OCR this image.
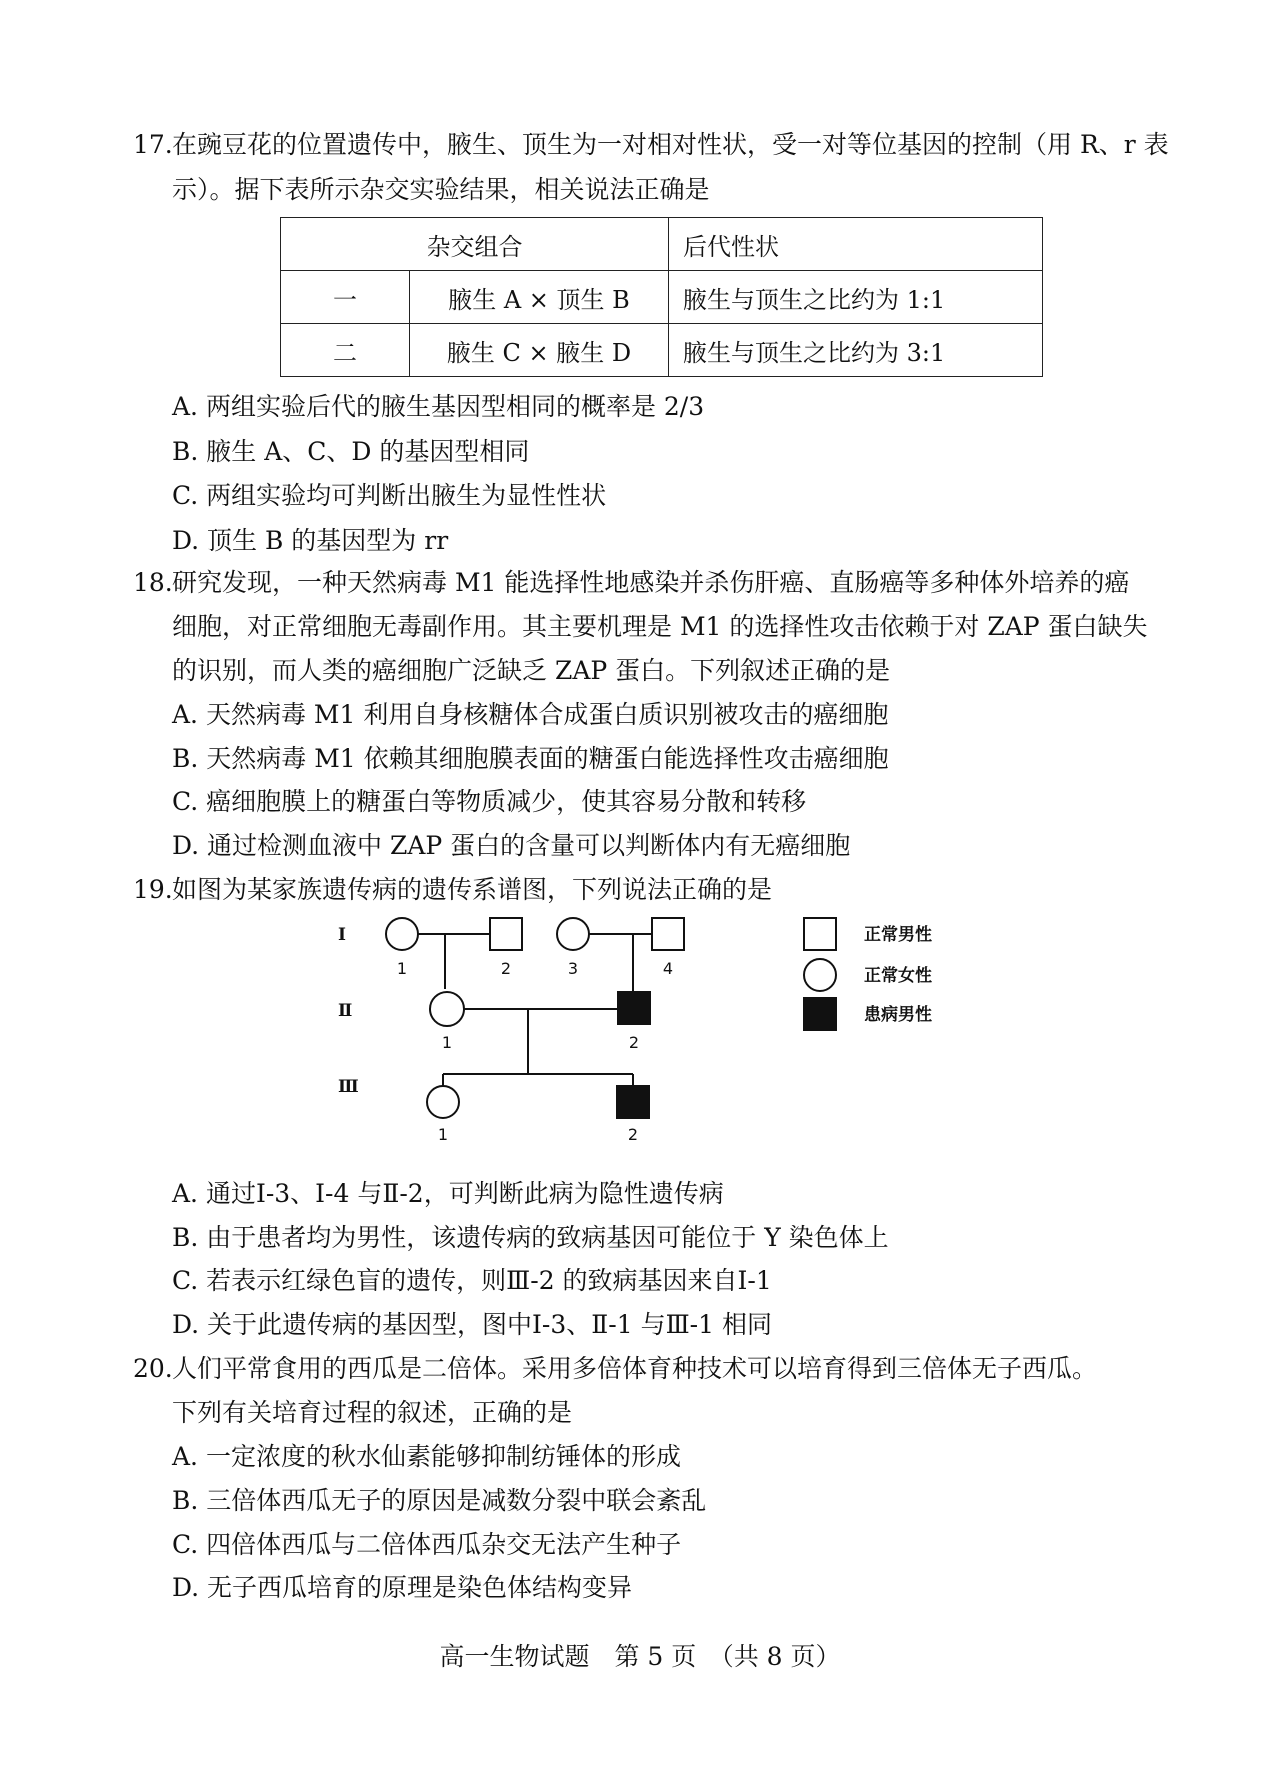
17. 在豌豆花的位置遗传中，腋生、顶生为一对相对性状，受一对等位基因的控制（用 R、r 表
示）。据下表所示杂交实验结果，相关说法正确是
杂交组合		后代性状
一	腋生 A × 顶生 B	腋生与顶生之比约为 1:1
二	腋生 C × 腋生 D	腋生与顶生之比约为 3:1
A. 两组实验后代的腋生基因型相同的概率是 2/3
B. 腋生 A、C、D 的基因型相同
C. 两组实验均可判断出腋生为显性性状
D. 顶生 B 的基因型为 rr
18. 研究发现，一种天然病毒 M1 能选择性地感染并杀伤肝癌、直肠癌等多种体外培养的癌
细胞，对正常细胞无毒副作用。其主要机理是 M1 的选择性攻击依赖于对 ZAP 蛋白缺失
的识别，而人类的癌细胞广泛缺乏 ZAP 蛋白。下列叙述正确的是
A. 天然病毒 M1 利用自身核糖体合成蛋白质识别被攻击的癌细胞
B. 天然病毒 M1 依赖其细胞膜表面的糖蛋白能选择性攻击癌细胞
C. 癌细胞膜上的糖蛋白等物质减少，使其容易分散和转移
D. 通过检测血液中 ZAP 蛋白的含量可以判断体内有无癌细胞
19. 如图为某家族遗传病的遗传系谱图，下列说法正确的是
Ⅰ
Ⅱ
Ⅲ
1	2	3	4
1	2
1	2
正常男性
正常女性
患病男性
A. 通过Ⅰ-3、Ⅰ-4 与Ⅱ-2，可判断此病为隐性遗传病
B. 由于患者均为男性，该遗传病的致病基因可能位于 Y 染色体上
C. 若表示红绿色盲的遗传，则Ⅲ-2 的致病基因来自Ⅰ-1
D. 关于此遗传病的基因型，图中Ⅰ-3、Ⅱ-1 与Ⅲ-1 相同
20. 人们平常食用的西瓜是二倍体。采用多倍体育种技术可以培育得到三倍体无子西瓜。
下列有关培育过程的叙述，正确的是
A. 一定浓度的秋水仙素能够抑制纺锤体的形成
B. 三倍体西瓜无子的原因是减数分裂中联会紊乱
C. 四倍体西瓜与二倍体西瓜杂交无法产生种子
D. 无子西瓜培育的原理是染色体结构变异
高一生物试题　第 5 页　（共 8 页）
